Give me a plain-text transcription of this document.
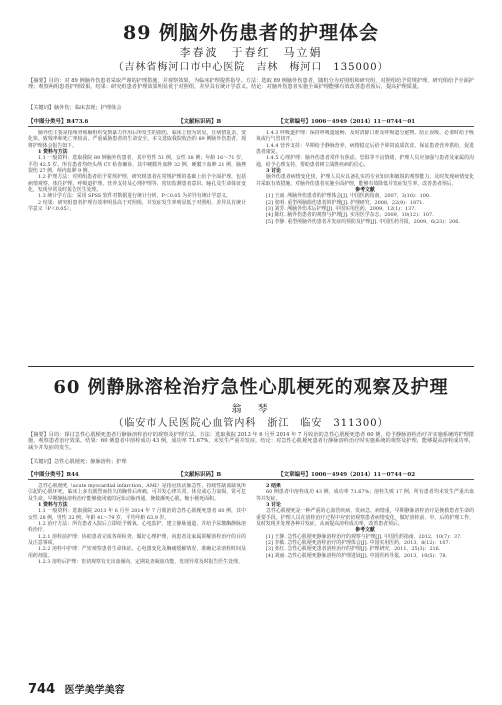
89 例脑外伤患者的护理体会
李春波　于春红　马立娟
（吉林省梅河口市中心医院　吉林　梅河口　135000）
【摘要】目的：对 89 例脑外伤患者采取严谨的护理措施，并观察效果，为临床护理提供指导。方法：选取 89 例脑外伤患者，随机分为对照组和研究组，对照组给予常规护理，研究组给予全面护理；观察两组患者护理效果。结果：研究组患者护理效果明显优于对照组，差异具有统计学意义。结论：对脑外伤患者实施全面护理能够有效改善患者预后，提高护理质量。
【关键词】脑外伤；临床表现；护理体会
【中图分类号】R473.6	【文献标识码】B	【文章编号】1006－4949（2014）11－0744－01

脑外伤主要是指颅骨和脑组织受到暴力作用后所发生的损伤，临床上较为常见，且病情复杂、变化快、致残率和死亡率较高，严重威胁患者的生命安全。本文选取我院收治的 89 例脑外伤患者，现将护理体会报告如下。

1 资料与方法

1.1 一般资料：选取我院 89 例脑外伤患者，其中男性 51 例，女性 38 例；年龄 16～71 岁，平均 42.5 岁。所有患者均经头颅 CT 检查确诊，其中硬膜外血肿 32 例，硬膜下血肿 21 例，脑挫裂伤 27 例，颅内血肿 9 例。

1.2 护理方法：对照组患者给予常规护理，研究组患者在常规护理的基础上给予全面护理，包括病情观察、体位护理、呼吸道护理、营养支持及心理护理等，密切监测患者意识、瞳孔及生命体征变化，发现异常及时报告医生处理。

1.3 统计学方法：采用 SPSS 软件对数据进行统计分析，P＜0.05 为差异有统计学意义。

2 结果：研究组患者护理有效率明显高于对照组，并发症发生率明显低于对照组，差异具有统计学意义（P＜0.05）。

1.4.3 呼吸道护理：保持呼吸道通畅，及时清除口腔及呼吸道分泌物，防止误吸，必要时给予吸氧或行气管切开。

1.4.4 营养支持：早期给予静脉营养，病情稳定后给予鼻饲流质饮食，保证患者营养供给，促进患者康复。

1.4.5 心理护理：脑外伤患者常伴有焦虑、恐惧等不良情绪，护理人员应加强与患者及家属的沟通，给予心理支持，帮助患者树立战胜疾病的信心。

3 讨论

脑外伤患者病情变化快，护理人员应具备扎实的专业知识和敏锐的观察能力，及时发现病情变化并采取有效措施。对脑外伤患者实施全面护理，能够有效降低并发症发生率，改善患者预后。

参考文献

[1] 王丽. 颅脑外伤患者的护理体会[J]. 中国医药指南，2007，3(10)：100.

[2] 张明. 重型颅脑损伤患者的护理[J]. 护理研究，2008，22(9)：1871.

[3] 刘芳. 颅脑外伤术后护理[J]. 中国实用医药，2009，12(1)：137.

[4] 陈红. 脑外伤患者的观察与护理[J]. 实用医学杂志，2009，10(12)：107.

[5] 李静. 重型颅脑外伤患者并发症的预防及护理[J]. 中国医药导报，2009，6(23)：206.

60 例静脉溶栓治疗急性心肌梗死的观察及护理
翁　琴
（临安市人民医院心血管内科　浙江　临安　311300）
【摘要】目的：探讨急性心肌梗死患者行静脉溶栓治疗的观察及护理方法。方法：选取我院 2013 年 6 月至 2014 年 7 月收治的急性心肌梗死患者 60 例，给予静脉溶栓治疗并实施系统的护理措施，观察患者治疗效果。结果：60 例患者中溶栓成功 43 例，成功率 71.67%，未发生严重并发症。结论：对急性心肌梗死患者行静脉溶栓治疗时实施系统的观察及护理，能够提高溶栓成功率，减少并发症的发生。
【关键词】急性心肌梗死；静脉溶栓；护理
【中图分类号】R44	【文献标识码】B	【文章编号】1006－4949（2014）11－0744－02

急性心肌梗死（acute myocardial infarction，AMI）是指冠状动脉急性、持续性缺血缺氧所引起的心肌坏死，临床上多有剧烈而持久的胸骨后疼痛，可并发心律失常、休克或心力衰竭，常可危及生命。早期静脉溶栓治疗能够使闭塞的冠状动脉再通，挽救濒死心肌，缩小梗死面积。

1 资料与方法

1.1 一般资料：选取我院 2013 年 6 月至 2014 年 7 月收治的急性心肌梗死患者 60 例，其中女性 28 例，男性 32 例；年龄 41～79 岁，平均年龄 63.9 岁。

1.2 治疗方法：所有患者入院后立即给予吸氧、心电监护，建立静脉通道，并给予尿激酶静脉溶栓治疗。

1.2.1 溶栓前护理：协助患者完成各项检查，做好心理护理，向患者及家属讲解溶栓治疗的目的及注意事项。

1.2.2 溶栓中护理：严密观察患者生命体征、心电图变化及胸痛缓解情况，准确记录溶栓时间及用药剂量。

1.2.3 溶栓后护理：密切观察有无出血倾向，定期复查凝血功能，发现异常及时报告医生处理。

2 结果

60 例患者中溶栓成功 43 例，成功率 71.67%；溶栓失败 17 例，所有患者均未发生严重出血等并发症。

3 讨论

急性心肌梗死是一种严重的心血管疾病，发病急、病情重，早期静脉溶栓治疗是挽救患者生命的重要手段。护理人员在溶栓治疗过程中应密切观察患者病情变化，做好溶栓前、中、后的护理工作，及时发现并处理各种并发症，从而提高溶栓成功率，改善患者预后。

参考文献

[1] 王静. 急性心肌梗死静脉溶栓治疗的观察与护理[J]. 中国医药指南，2012，10(7)：37.

[2] 李敏. 急性心肌梗死溶栓治疗的护理体会[J]. 中国实用医药，2013，8(12)：107.

[3] 张红. 急性心肌梗死患者溶栓治疗的护理[J]. 护理研究，2011，25(3)：216.

[4] 刘丽. 急性心肌梗死静脉溶栓的护理进展[J]. 中国医药导报，2013，10(5)：78.

744 医学美学美容
